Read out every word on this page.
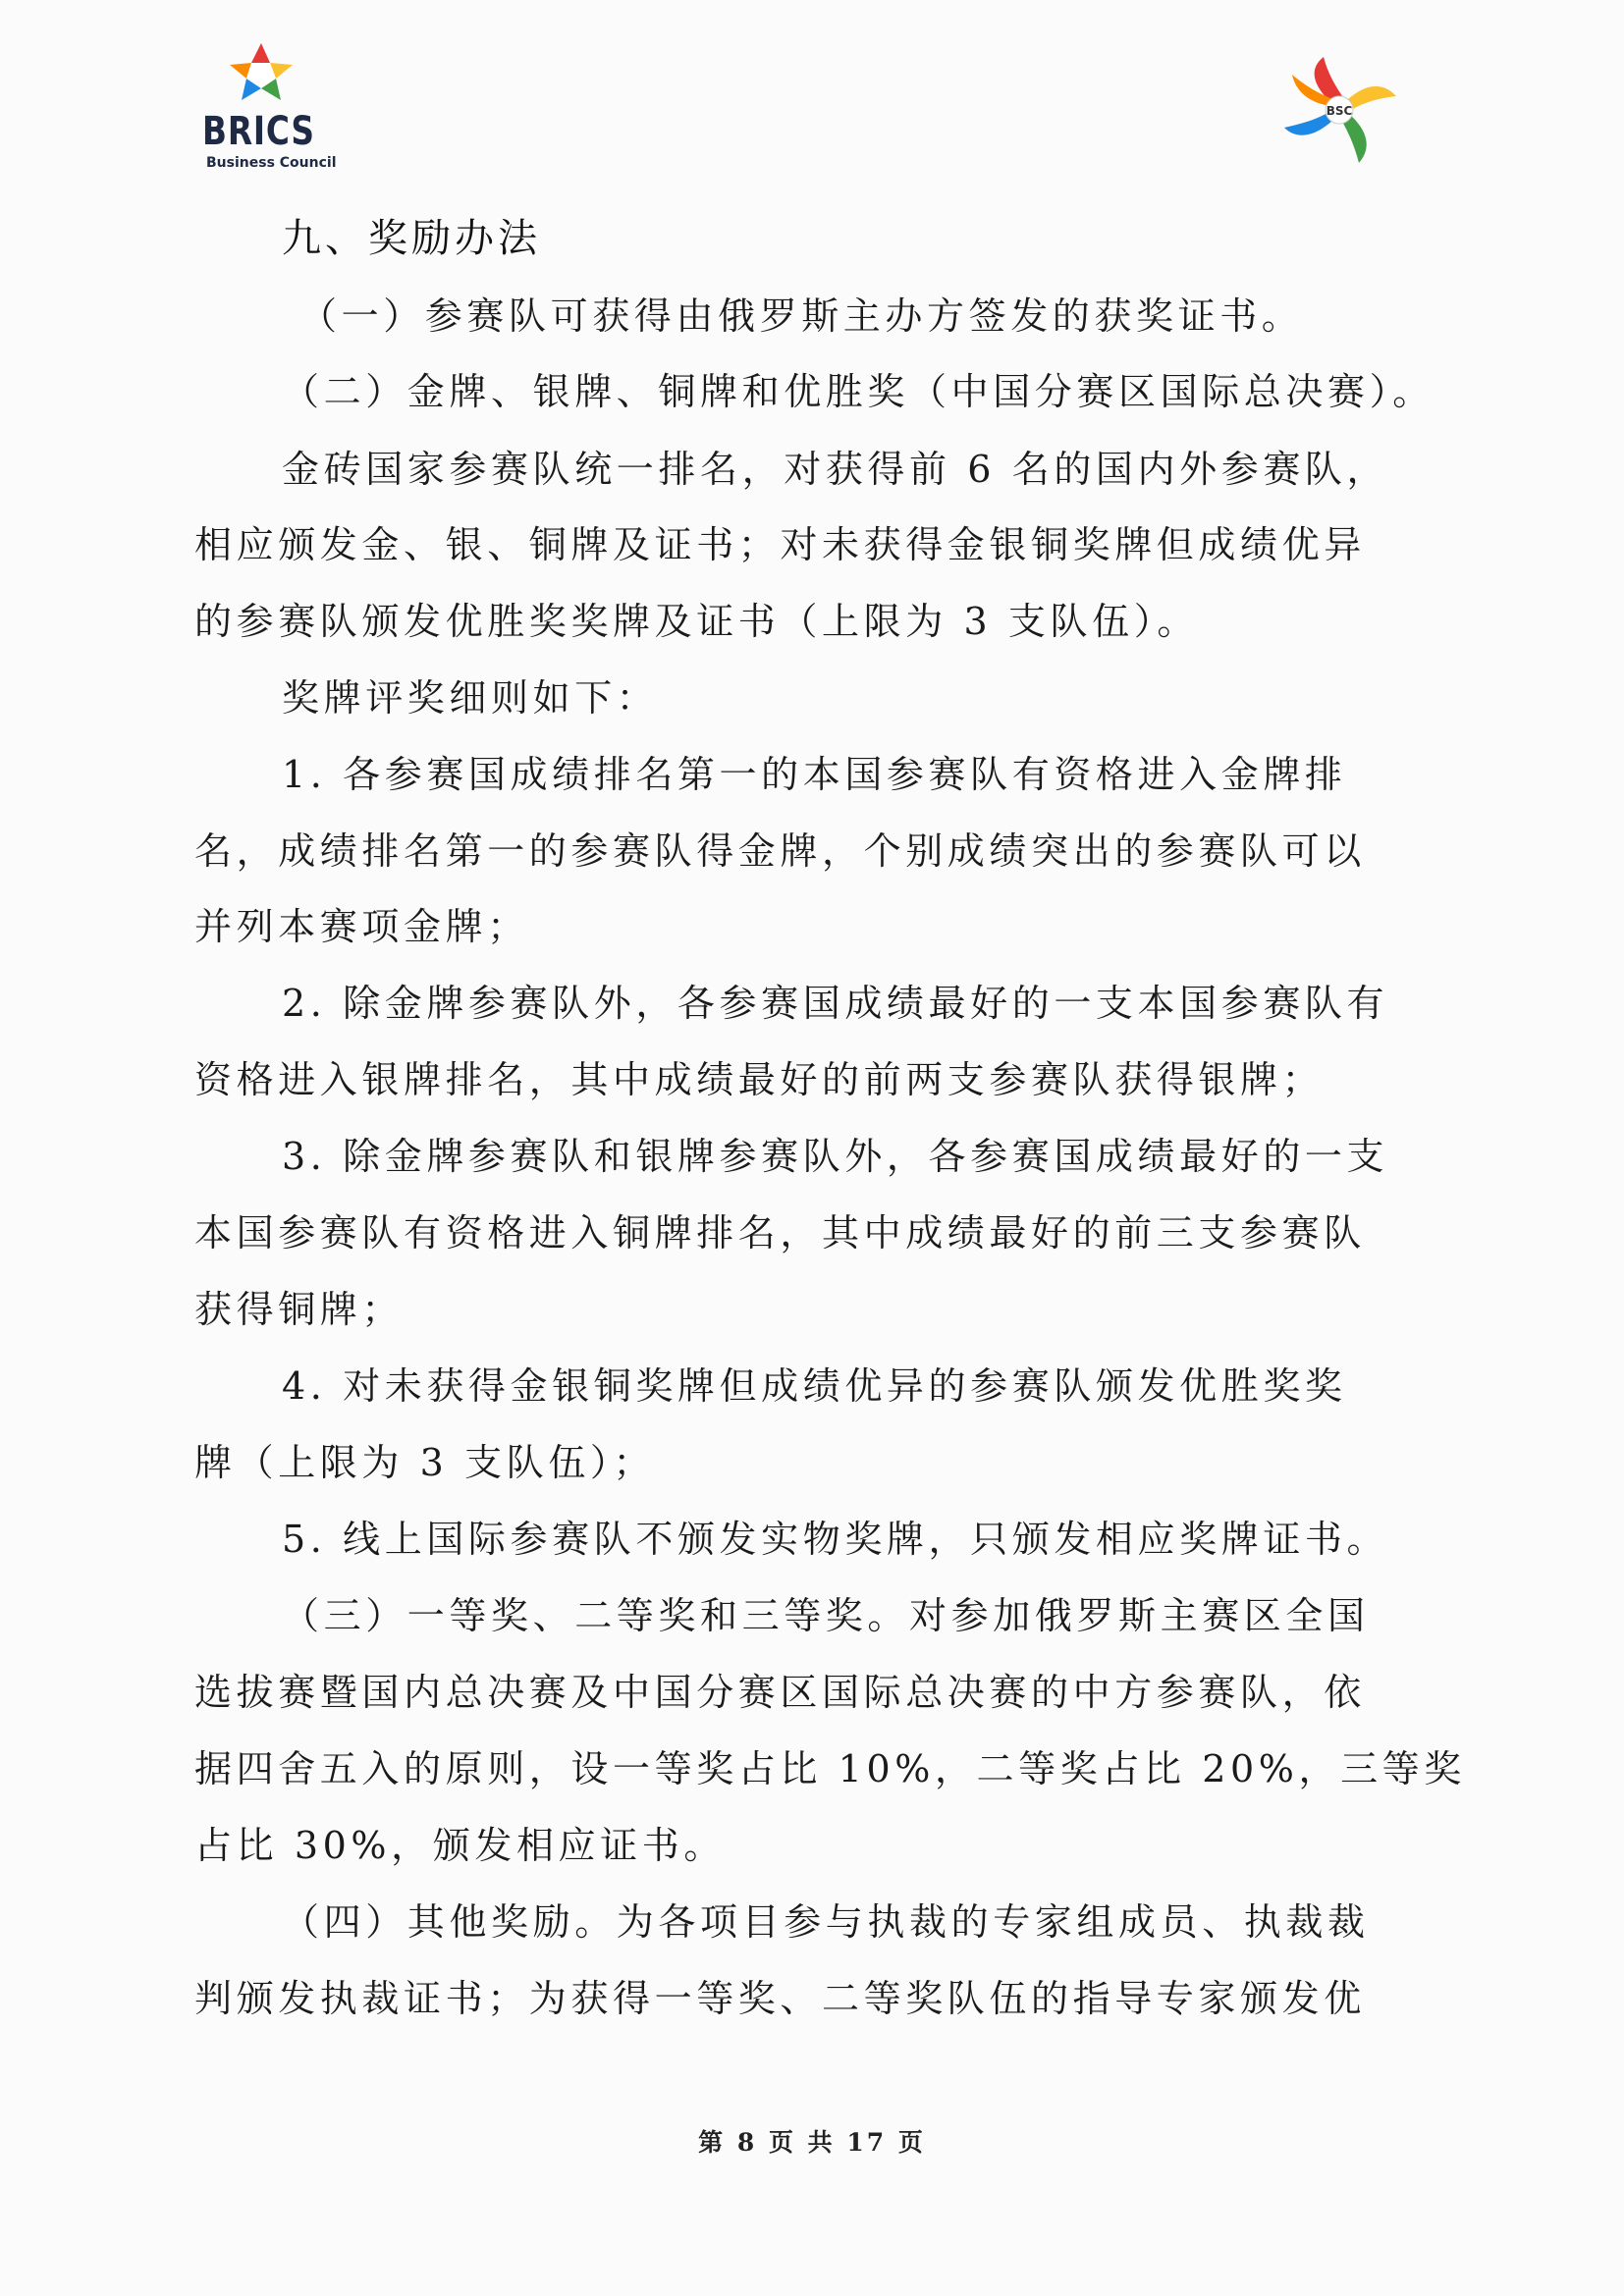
BRICS
Business Council
BSC
九、奖励办法
（一）参赛队可获得由俄罗斯主办方签发的获奖证书。
（二）金牌、银牌、铜牌和优胜奖（中国分赛区国际总决赛）。
金砖国家参赛队统一排名，对获得前 6 名的国内外参赛队，
相应颁发金、银、铜牌及证书；对未获得金银铜奖牌但成绩优异
的参赛队颁发优胜奖奖牌及证书（上限为 3 支队伍）。
奖牌评奖细则如下：
1. 各参赛国成绩排名第一的本国参赛队有资格进入金牌排
名，成绩排名第一的参赛队得金牌，个别成绩突出的参赛队可以
并列本赛项金牌；
2. 除金牌参赛队外，各参赛国成绩最好的一支本国参赛队有
资格进入银牌排名，其中成绩最好的前两支参赛队获得银牌；
3. 除金牌参赛队和银牌参赛队外，各参赛国成绩最好的一支
本国参赛队有资格进入铜牌排名，其中成绩最好的前三支参赛队
获得铜牌；
4. 对未获得金银铜奖牌但成绩优异的参赛队颁发优胜奖奖
牌（上限为 3 支队伍）；
5. 线上国际参赛队不颁发实物奖牌，只颁发相应奖牌证书。
（三）一等奖、二等奖和三等奖。对参加俄罗斯主赛区全国
选拔赛暨国内总决赛及中国分赛区国际总决赛的中方参赛队，依
据四舍五入的原则，设一等奖占比 10%，二等奖占比 20%，三等奖
占比 30%，颁发相应证书。
（四）其他奖励。为各项目参与执裁的专家组成员、执裁裁
判颁发执裁证书；为获得一等奖、二等奖队伍的指导专家颁发优
第 8 页 共 17 页
